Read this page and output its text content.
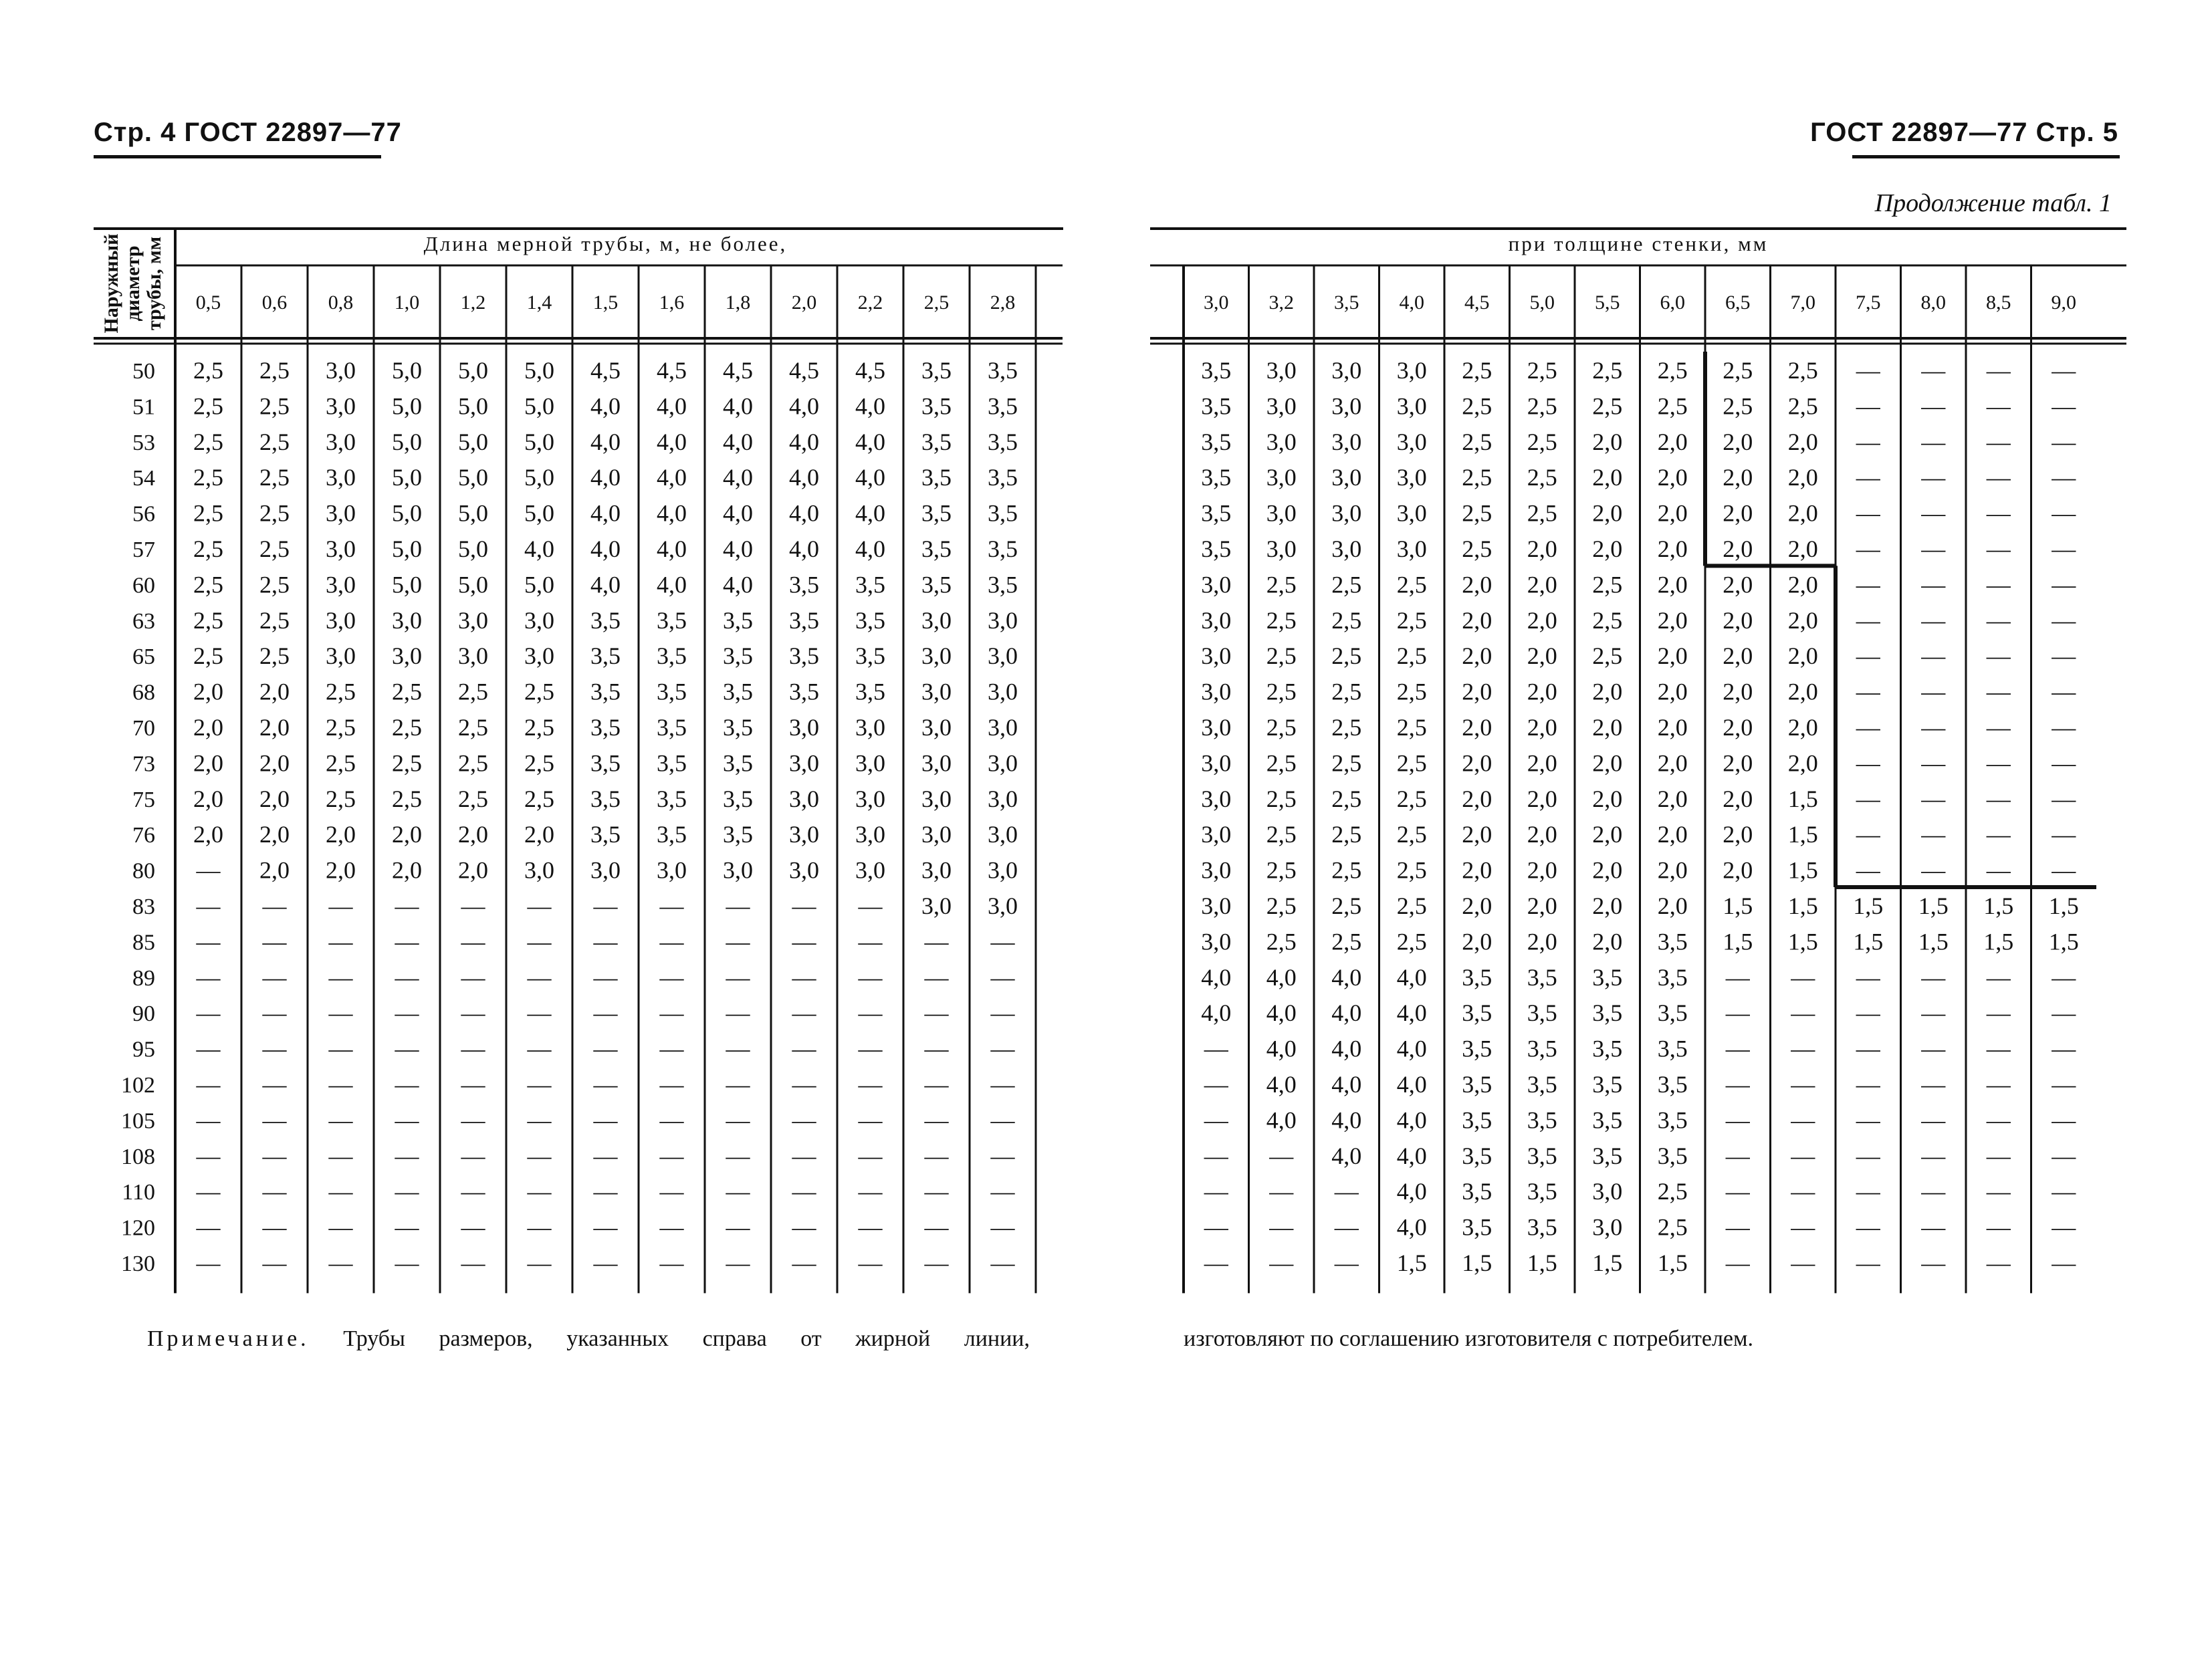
Стр. 4 ГОСТ 22897—77	ГОСТ 22897—77 Стр. 5
Продолжение табл. 1
Наружныйдиаметртрубы, мм	Длина мерной трубы, м, не более,
0,5 0,6 0,8 1,0 1,2 1,4 1,5 1,6 1,8 2,0 2,2 2,5 2,8
50 2,5 2,5 3,0 5,0 5,0 5,0 4,5 4,5 4,5 4,5 4,5 3,5 3,5
51 2,5 2,5 3,0 5,0 5,0 5,0 4,0 4,0 4,0 4,0 4,0 3,5 3,5
53 2,5 2,5 3,0 5,0 5,0 5,0 4,0 4,0 4,0 4,0 4,0 3,5 3,5
54 2,5 2,5 3,0 5,0 5,0 5,0 4,0 4,0 4,0 4,0 4,0 3,5 3,5
56 2,5 2,5 3,0 5,0 5,0 5,0 4,0 4,0 4,0 4,0 4,0 3,5 3,5
57 2,5 2,5 3,0 5,0 5,0 4,0 4,0 4,0 4,0 4,0 4,0 3,5 3,5
60 2,5 2,5 3,0 5,0 5,0 5,0 4,0 4,0 4,0 3,5 3,5 3,5 3,5
63 2,5 2,5 3,0 3,0 3,0 3,0 3,5 3,5 3,5 3,5 3,5 3,0 3,0
65 2,5 2,5 3,0 3,0 3,0 3,0 3,5 3,5 3,5 3,5 3,5 3,0 3,0
68 2,0 2,0 2,5 2,5 2,5 2,5 3,5 3,5 3,5 3,5 3,5 3,0 3,0
70 2,0 2,0 2,5 2,5 2,5 2,5 3,5 3,5 3,5 3,0 3,0 3,0 3,0
73 2,0 2,0 2,5 2,5 2,5 2,5 3,5 3,5 3,5 3,0 3,0 3,0 3,0
75 2,0 2,0 2,5 2,5 2,5 2,5 3,5 3,5 3,5 3,0 3,0 3,0 3,0
76 2,0 2,0 2,0 2,0 2,0 2,0 3,5 3,5 3,5 3,0 3,0 3,0 3,0
80 — 2,0 2,0 2,0 2,0 3,0 3,0 3,0 3,0 3,0 3,0 3,0 3,0
83 — — — — — — — — — — — 3,0 3,0
85 — — — — — — — — — — — — —
89 — — — — — — — — — — — — —
90 — — — — — — — — — — — — —
95 — — — — — — — — — — — — —
102 — — — — — — — — — — — — —
105 — — — — — — — — — — — — —
108 — — — — — — — — — — — — —
110 — — — — — — — — — — — — —
120 — — — — — — — — — — — — —
130 — — — — — — — — — — — — —
при толщине стенки, мм
3,0 3,2 3,5 4,0 4,5 5,0 5,5 6,0 6,5 7,0 7,5 8,0 8,5 9,0
3,5 3,0 3,0 3,0 2,5 2,5 2,5 2,5 2,5 2,5 — — — —
3,5 3,0 3,0 3,0 2,5 2,5 2,5 2,5 2,5 2,5 — — — —
3,5 3,0 3,0 3,0 2,5 2,5 2,0 2,0 2,0 2,0 — — — —
3,5 3,0 3,0 3,0 2,5 2,5 2,0 2,0 2,0 2,0 — — — —
3,5 3,0 3,0 3,0 2,5 2,5 2,0 2,0 2,0 2,0 — — — —
3,5 3,0 3,0 3,0 2,5 2,0 2,0 2,0 2,0 2,0 — — — —
3,0 2,5 2,5 2,5 2,0 2,0 2,5 2,0 2,0 2,0 — — — —
3,0 2,5 2,5 2,5 2,0 2,0 2,5 2,0 2,0 2,0 — — — —
3,0 2,5 2,5 2,5 2,0 2,0 2,5 2,0 2,0 2,0 — — — —
3,0 2,5 2,5 2,5 2,0 2,0 2,0 2,0 2,0 2,0 — — — —
3,0 2,5 2,5 2,5 2,0 2,0 2,0 2,0 2,0 2,0 — — — —
3,0 2,5 2,5 2,5 2,0 2,0 2,0 2,0 2,0 2,0 — — — —
3,0 2,5 2,5 2,5 2,0 2,0 2,0 2,0 2,0 1,5 — — — —
3,0 2,5 2,5 2,5 2,0 2,0 2,0 2,0 2,0 1,5 — — — —
3,0 2,5 2,5 2,5 2,0 2,0 2,0 2,0 2,0 1,5 — — — —
3,0 2,5 2,5 2,5 2,0 2,0 2,0 2,0 1,5 1,5 1,5 1,5 1,5 1,5
3,0 2,5 2,5 2,5 2,0 2,0 2,0 3,5 1,5 1,5 1,5 1,5 1,5 1,5
4,0 4,0 4,0 4,0 3,5 3,5 3,5 3,5 — — — — — —
4,0 4,0 4,0 4,0 3,5 3,5 3,5 3,5 — — — — — —
— 4,0 4,0 4,0 3,5 3,5 3,5 3,5 — — — — — —
— 4,0 4,0 4,0 3,5 3,5 3,5 3,5 — — — — — —
— 4,0 4,0 4,0 3,5 3,5 3,5 3,5 — — — — — —
— — 4,0 4,0 3,5 3,5 3,5 3,5 — — — — — —
— — — 4,0 3,5 3,5 3,0 2,5 — — — — — —
— — — 4,0 3,5 3,5 3,0 2,5 — — — — — —
— — — 1,5 1,5 1,5 1,5 1,5 — — — — — —
Примечание. Трубы размеров, указанных справа от жирной линии,	изготовляют по соглашению изготовителя с потребителем.
